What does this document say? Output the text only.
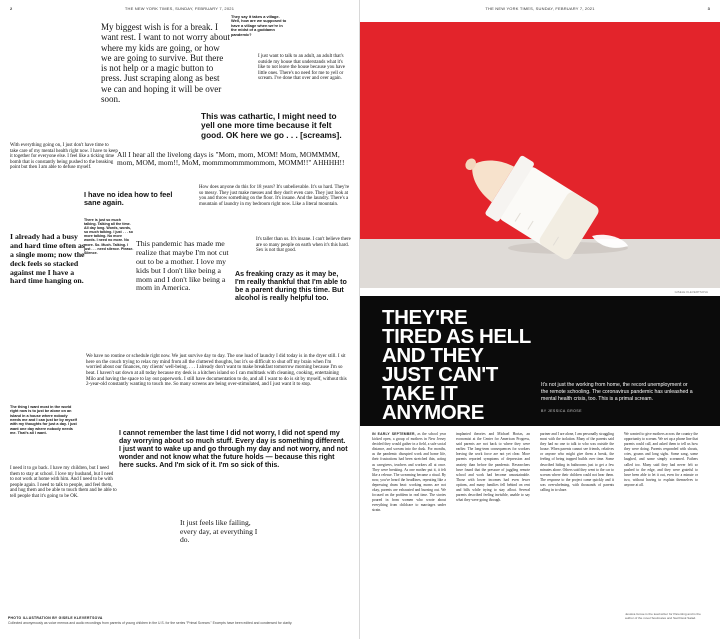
2	THE NEW YORK TIMES, SUNDAY, FEBRUARY 7, 2021
My biggest wish is for a break. I want rest. I want to not worry about where my kids are going, or how we are going to survive. But there is not help or a magic button to press. Just scraping along as best we can and hoping it will be over soon.
They say it takes a village. Well, how are we supposed to have a village when we're in the midst of a goddamn pandemic?
I just want to talk to an adult, an adult that's outside my house that understands what it's like to not leave the house because you have little ones. There's no need for me to yell or scream. I've done that over and over again.
This was cathartic, I might need to yell one more time because it felt good. OK here we go . . . [screams].
With everything going on, I just don't have time to take care of my mental health right now. I have to keep it together for everyone else. I feel like a ticking time bomb that is constantly being pushed to the breaking point but then I am able to defuse myself.
All I hear all the livelong days is "Mom, mom, MOM! Mom, MOMMMM, mom, MOM, mom!!, MoM, mommmommmommom, MOMM!!" AHHHH!!
I have no idea how to feel sane again.
How does anyone do this for 18 years? It's unbelievable. It's so hard. They're so messy. They just make messes and they don't even care. They just look at you and throw something on the floor. It's insane. And the laundry. There's a mountain of laundry in my bedroom right now. Like a literal mountain.
There is just so much talking. Talking all the time. All day long. Words, words, so much talking. I just . . . so more talking. No more words. I need no more. No more. So. Much. Talking. I just . . . need silence. Please. Silence.
It's taller than us. It's insane. I can't believe there are so many people on earth when it's this hard. Sex is not that good.
I already had a busy and hard time often as a single mom; now the deck feels so stacked against me I have a hard time hanging on.
This pandemic has made me realize that maybe I'm not cut out to be a mother. I love my kids but I don't like being a mom and I don't like being a mom in America.
As freaking crazy as it may be, I'm really thankful that I'm able to be a parent during this time. But alcohol is really helpful too.
We have no routine or schedule right now. We just survive day to day. The one load of laundry I did today is in the dryer still. I sit here on the couch trying to relax my mind from all the cluttered thoughts, but it's so difficult to shut off my brain when I'm worried about our finances, my clients' well-being. . . . I already don't want to make breakfast tomorrow morning because I'm so beat. I haven't sat down at all today because my desk is a kitchen island so I can multitask with cleaning, cooking, entertaining Milo and having the space to lay out paperwork. I still have documentation to do, and all I want to do is sit by myself, without this 2-year-old constantly wanting to touch me. So many screens are being over-stimulated, and I just want it to stop.
The thing I want most in the world right now is to just be alone on an island in a house where nobody needs me and I can just be by myself with my thoughts for just a day. I just want one day where nobody needs me. That's all I want.	I cannot remember the last time I did not worry, I did not spend my day worrying about so much stuff. Every day is something different. I just want to wake up and go through my day and not worry, and not wonder and not know what the future holds — because this right here sucks. And I'm sick of it. I'm so sick of this.
I need it to go back. I have my children, but I need them to stay at school. I love my husband, but I need to not work at home with him. And I need to be with people again. I need to talk to people, and feel them, and hug them and be able to touch them and be able to tell people that it's going to be OK.
It just feels like failing, every day, at everything I do.
PHOTO ILLUSTRATION BY GISELE KLEVERTSOVA
Collected anonymously as voice memos and audio recordings from parents of young children in the U.S. for the series "Primal Scream." Excerpts have been edited and condensed for clarity.
THE NEW YORK TIMES, SUNDAY, FEBRUARY 7, 2021	3
GISELE KLEVERTSOVA
THEY'RE TIRED AS HELL AND THEY JUST CAN'T TAKE IT ANYMORE
It's not just the working from home, the record unemployment or the remote schooling. The coronavirus pandemic has unleashed a mental health crisis, too. This is a primal scream.
BY JESSICA GROSE

IN EARLY SEPTEMBER, as the school year kicked open, a group of mothers in New Jersey decided they would gather in a field, a safe social distance, and scream into the dusk. For months, as the pandemic disrupted work and home life, their frustrations had been stretched thin, acting as caregivers, teachers and workers all at once. They were breaking. As one mother put it, it felt like a release. The screaming became a ritual. By now, you've heard the headlines, repeating like a depressing drum beat: working moms are not okay, parents are exhausted and burning out. We focused on the problem in real time. The stories poured in from women who wrote about everything from childcare to marriages under strain.

implanted theories and Michael Hortas, an economist at the Center for American Progress, said parents are not back to where they were earlier. The long-term consequences for workers leaving the work force are not yet clear. More parents reported symptoms of depression and anxiety than before the pandemic. Researchers have found that the pressure of juggling remote school and work had become unsustainable. Those with lower incomes had even fewer options, and many families fell behind on rent and bills while trying to stay afloat. Several parents described feeling invisible, unable to say what they were going through.

partner and I are alone, I am personally struggling most with the isolation. Many of the parents said they had no one to talk to who was outside the house. When parents cannot see friends, relatives or anyone who might give them a break, the feeling of being trapped builds over time. Some described hiding in bathrooms just to get a few minutes alone. Others said they went to the car to scream where their children could not hear them. The response to the project came quickly and it was overwhelming, with thousands of parents calling in to share.

We wanted to give mothers across the country the opportunity to scream. We set up a phone line that parents could call, and asked them to tell us how they were doing. Parents responded with shouts, cries, groans and long sighs. Some sang, some laughed, and some simply screamed. Fathers called too. Many said they had never felt so pushed to the edge, and they were grateful to have been able to let it out, even for a minute or two, without having to explain themselves to anyone at all.

Jessica Grose is the lead writer for Parenting and is the author of the novel Soulmates and Sad Desk Salad.
